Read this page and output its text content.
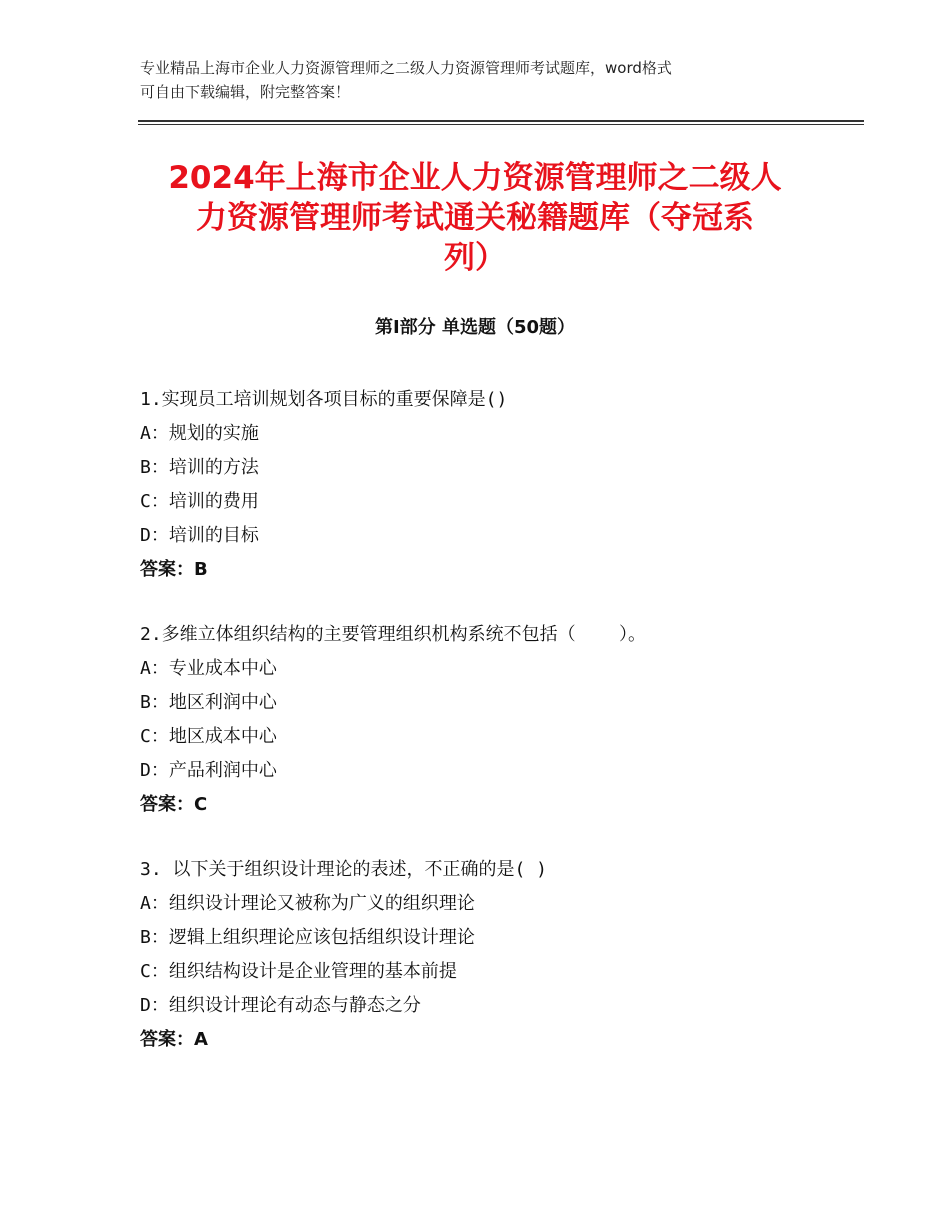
专业精品上海市企业人力资源管理师之二级人力资源管理师考试题库，word格式
可自由下载编辑，附完整答案！
2024年上海市企业人力资源管理师之二级人
力资源管理师考试通关秘籍题库（夺冠系
列）
第Ⅰ部分 单选题（50题）
1.实现员工培训规划各项目标的重要保障是()
A：规划的实施
B：培训的方法
C：培训的费用
D：培训的目标
答案：B
2.多维立体组织结构的主要管理组织机构系统不包括（    ）。
A：专业成本中心
B：地区利润中心
C：地区成本中心
D：产品利润中心
答案：C
3. 以下关于组织设计理论的表述，不正确的是( )
A：组织设计理论又被称为广义的组织理论
B：逻辑上组织理论应该包括组织设计理论
C：组织结构设计是企业管理的基本前提
D：组织设计理论有动态与静态之分
答案：A
